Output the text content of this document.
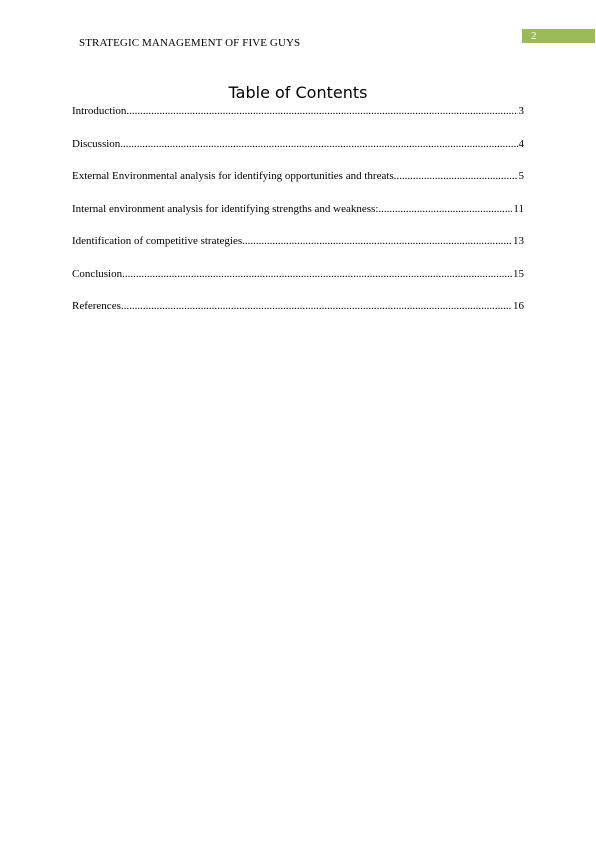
2
STRATEGIC MANAGEMENT OF FIVE GUYS
Table of Contents
Introduction .....	3
Discussion .....	4
External Environmental analysis for identifying opportunities and threats .....	5
Internal environment analysis for identifying strengths and weakness: .....	11
Identification of competitive strategies .....	13
Conclusion .....	15
References .....	16
